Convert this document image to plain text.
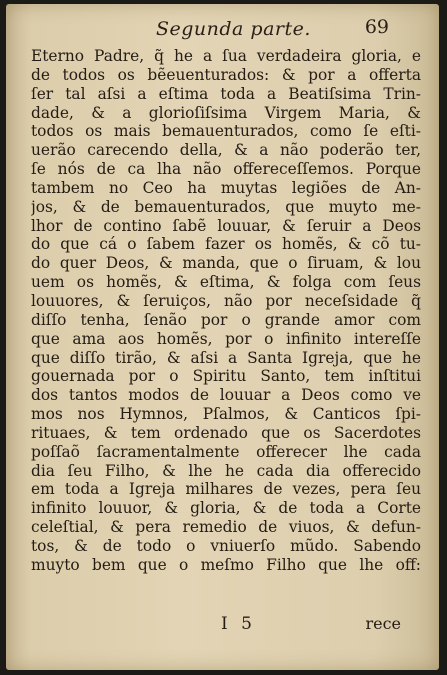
Segunda parte.	69
Eterno Padre, q̃ he a ſua verdadeira gloria, e
de todos os bẽeuenturados: & por a offerta
ſer tal aſsi a eſtima toda a Beatiſsima Trin-
dade, & a glorioſiſsima Virgem Maria, &
todos os mais bemauenturados, como ſe eſti-
uerão carecendo della, & a não poderão ter,
ſe nós de ca lha não offereceſſemos. Porque
tambem no Ceo ha muytas legiões de An-
jos, & de bemauenturados, que muyto me-
lhor de contino ſabẽ louuar, & ſeruir a Deos
do que cá o ſabem fazer os homẽs, & cõ tu-
do quer Deos, & manda, que o ſiruam, & lou
uem os homẽs, & eſtima, & folga com ſeus
louuores, & ſeruiços, não por neceſsidade q̃
diſſo tenha, ſenão por o grande amor com
que ama aos homẽs, por o infinito intereſſe
que diſſo tirão, & aſsi a Santa Igreja, que he
gouernada por o Spiritu Santo, tem inſtitui
dos tantos modos de louuar a Deos como ve
mos nos Hymnos, Pſalmos, & Canticos ſpi-
rituaes, & tem ordenado que os Sacerdotes
poſſaõ ſacramentalmente offerecer lhe cada
dia ſeu Filho, & lhe he cada dia offerecido
em toda a Igreja milhares de vezes, pera ſeu
infinito louuor, & gloria, & de toda a Corte
celeſtial, & pera remedio de viuos, & defun-
tos, & de todo o vniuerſo mũdo. Sabendo
muyto bem que o meſmo Filho que lhe off:
I 5	rece
